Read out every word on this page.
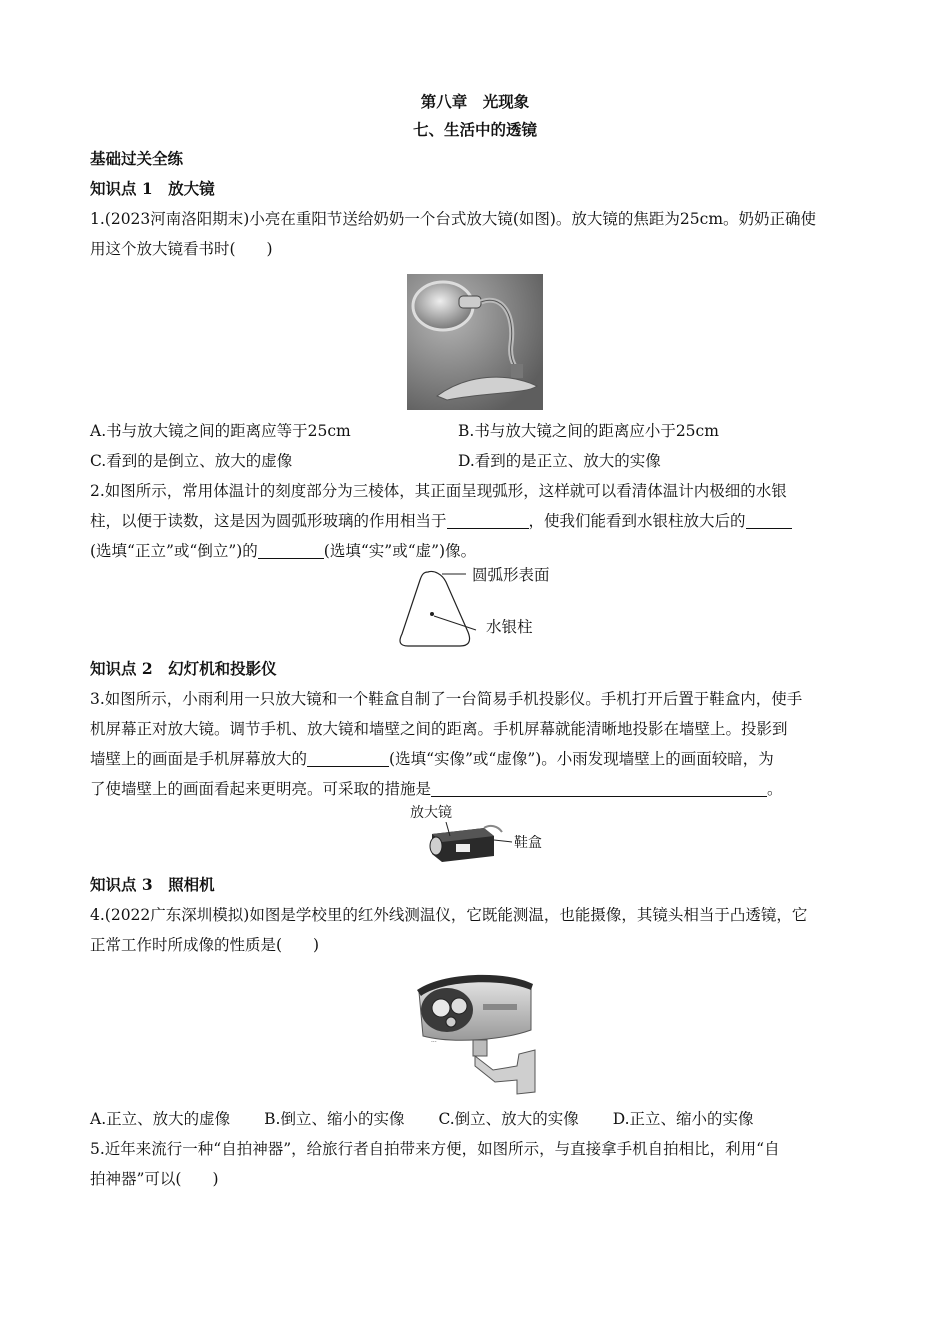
第八章　光现象
七、生活中的透镜
基础过关全练
知识点 1　放大镜
1.(2023河南洛阳期末)小亮在重阳节送给奶奶一个台式放大镜(如图)。放大镜的焦距为25cm。奶奶正确使
用这个放大镜看书时(　　)
A.书与放大镜之间的距离应等于25cm	B.书与放大镜之间的距离应小于25cm
C.看到的是倒立、放大的虚像	D.看到的是正立、放大的实像
2.如图所示，常用体温计的刻度部分为三棱体，其正面呈现弧形，这样就可以看清体温计内极细的水银
柱，以便于读数，这是因为圆弧形玻璃的作用相当于	，使我们能看到水银柱放大后的
(选填“正立”或“倒立”)的	(选填“实”或“虚”)像。
圆弧形表面
水银柱
知识点 2　幻灯机和投影仪
3.如图所示，小雨利用一只放大镜和一个鞋盒自制了一台简易手机投影仪。手机打开后置于鞋盒内，使手
机屏幕正对放大镜。调节手机、放大镜和墙壁之间的距离。手机屏幕就能清晰地投影在墙壁上。投影到
墙壁上的画面是手机屏幕放大的	(选填“实像”或“虚像”)。小雨发现墙壁上的画面较暗，为
了使墙壁上的画面看起来更明亮。可采取的措施是	。
放大镜
鞋盒
知识点 3　照相机
4.(2022广东深圳模拟)如图是学校里的红外线测温仪，它既能测温，也能摄像，其镜头相当于凸透镜，它
正常工作时所成像的性质是(　　)
‧‧‧
A.正立、放大的虚像 B.倒立、缩小的实像 C.倒立、放大的实像 D.正立、缩小的实像
5.近年来流行一种“自拍神器”，给旅行者自拍带来方便，如图所示，与直接拿手机自拍相比，利用“自
拍神器”可以(　　)
